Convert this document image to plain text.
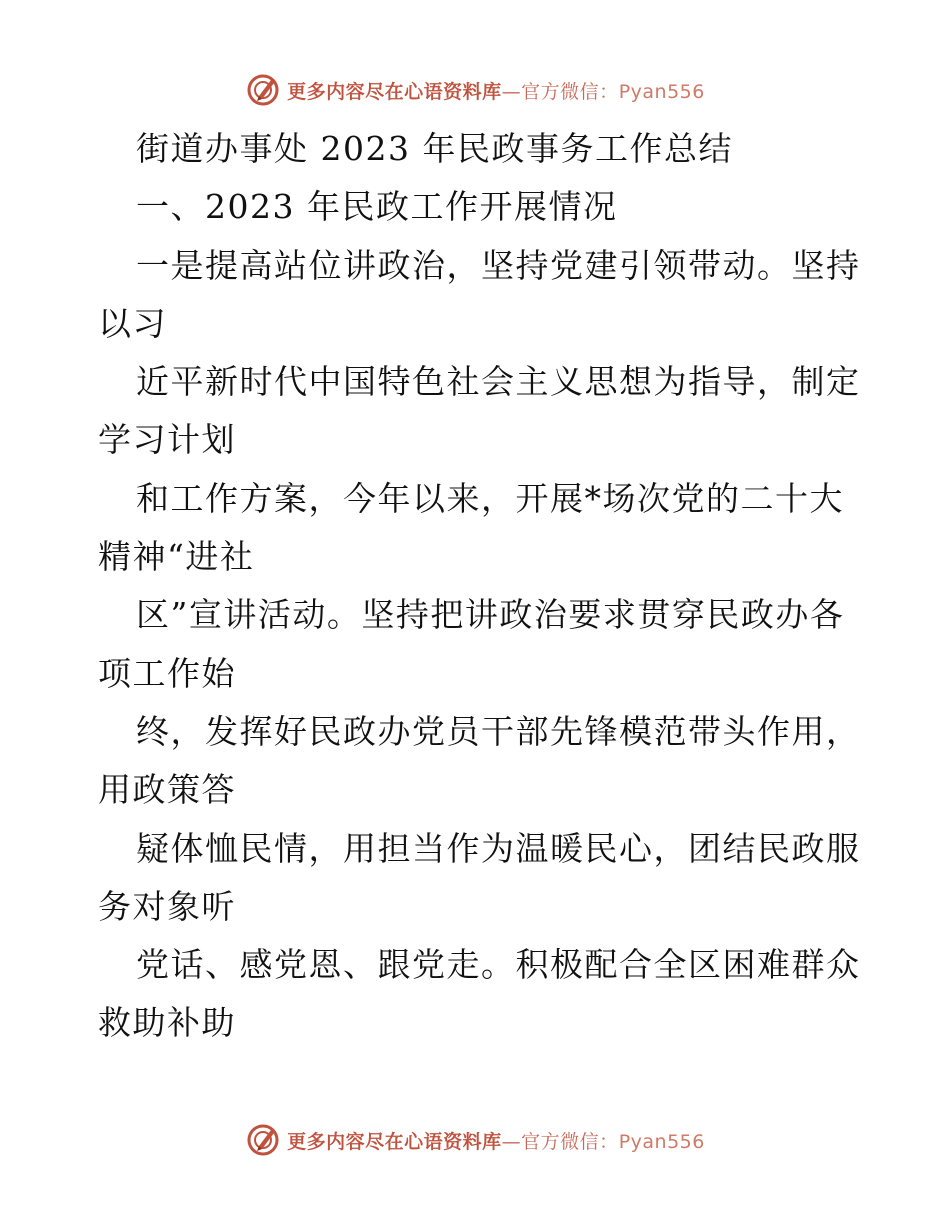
更多内容尽在心语资料库—官方微信：Pyan556
街道办事处 2023 年民政事务工作总结
一、2023 年民政工作开展情况
一是提高站位讲政治，坚持党建引领带动。坚持
以习
近平新时代中国特色社会主义思想为指导，制定
学习计划
和工作方案，今年以来，开展*场次党的二十大
精神“进社
区”宣讲活动。坚持把讲政治要求贯穿民政办各
项工作始
终，发挥好民政办党员干部先锋模范带头作用，
用政策答
疑体恤民情，用担当作为温暖民心，团结民政服
务对象听
党话、感党恩、跟党走。积极配合全区困难群众
救助补助
更多内容尽在心语资料库—官方微信：Pyan556
